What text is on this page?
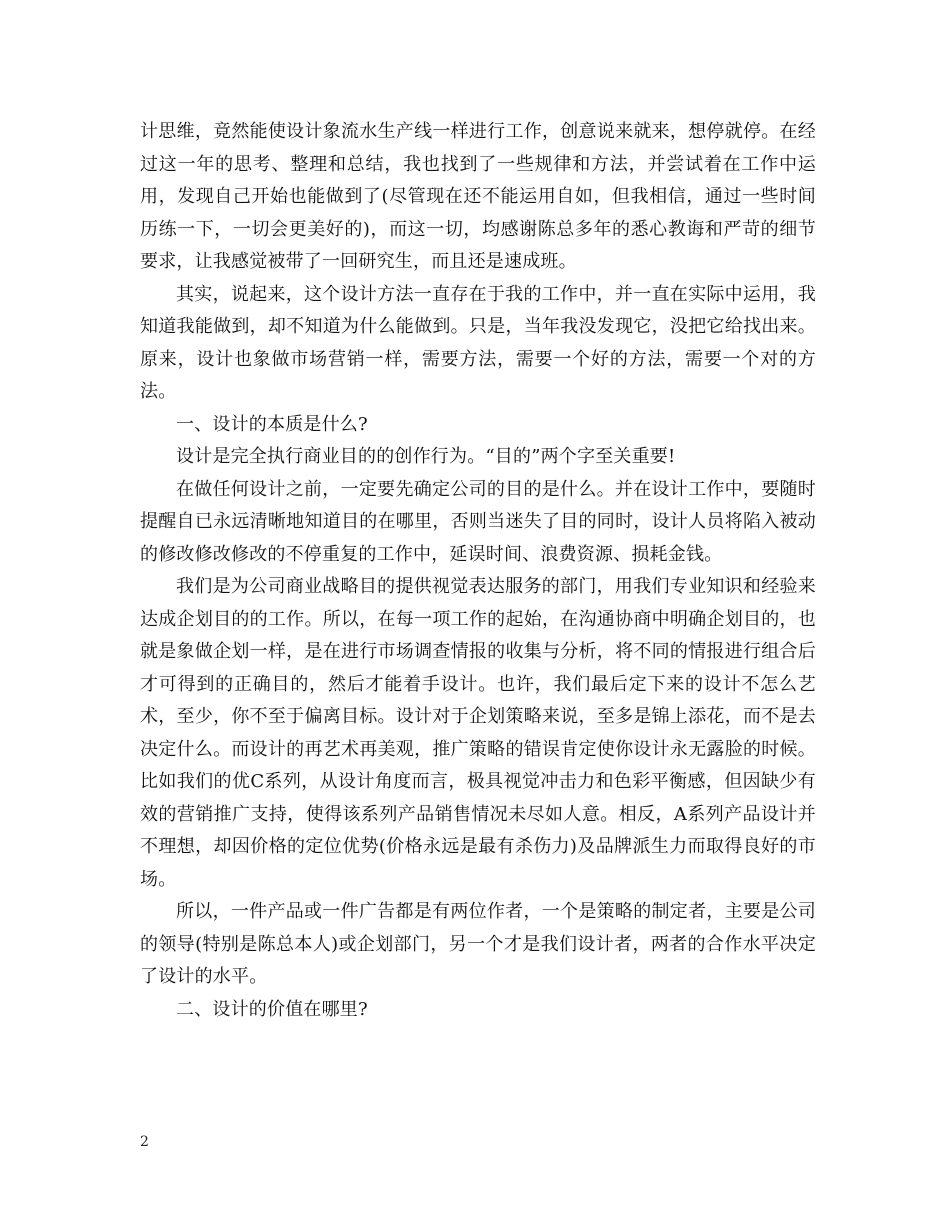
计思维，竟然能使设计象流水生产线一样进行工作，创意说来就来，想停就停。在经过这一年的思考、整理和总结，我也找到了一些规律和方法，并尝试着在工作中运用，发现自己开始也能做到了(尽管现在还不能运用自如，但我相信，通过一些时间历练一下，一切会更美好的)，而这一切，均感谢陈总多年的悉心教诲和严苛的细节要求，让我感觉被带了一回研究生，而且还是速成班。

其实，说起来，这个设计方法一直存在于我的工作中，并一直在实际中运用，我知道我能做到，却不知道为什么能做到。只是，当年我没发现它，没把它给找出来。原来，设计也象做市场营销一样，需要方法，需要一个好的方法，需要一个对的方法。

一、设计的本质是什么?

设计是完全执行商业目的的创作行为。“目的”两个字至关重要!

在做任何设计之前，一定要先确定公司的目的是什么。并在设计工作中，要随时提醒自已永远清晰地知道目的在哪里，否则当迷失了目的同时，设计人员将陷入被动的修改修改修改的不停重复的工作中，延误时间、浪费资源、损耗金钱。

我们是为公司商业战略目的提供视觉表达服务的部门，用我们专业知识和经验来达成企划目的的工作。所以，在每一项工作的起始，在沟通协商中明确企划目的，也就是象做企划一样，是在进行市场调查情报的收集与分析，将不同的情报进行组合后才可得到的正确目的，然后才能着手设计。也许，我们最后定下来的设计不怎么艺术，至少，你不至于偏离目标。设计对于企划策略来说，至多是锦上添花，而不是去决定什么。而设计的再艺术再美观，推广策略的错误肯定使你设计永无露脸的时候。比如我们的优C系列，从设计角度而言，极具视觉冲击力和色彩平衡感，但因缺少有效的营销推广支持，使得该系列产品销售情况未尽如人意。相反，A系列产品设计并不理想，却因价格的定位优势(价格永远是最有杀伤力)及品牌派生力而取得良好的市场。

所以，一件产品或一件广告都是有两位作者，一个是策略的制定者，主要是公司的领导(特别是陈总本人)或企划部门，另一个才是我们设计者，两者的合作水平决定了设计的水平。

二、设计的价值在哪里?

2
